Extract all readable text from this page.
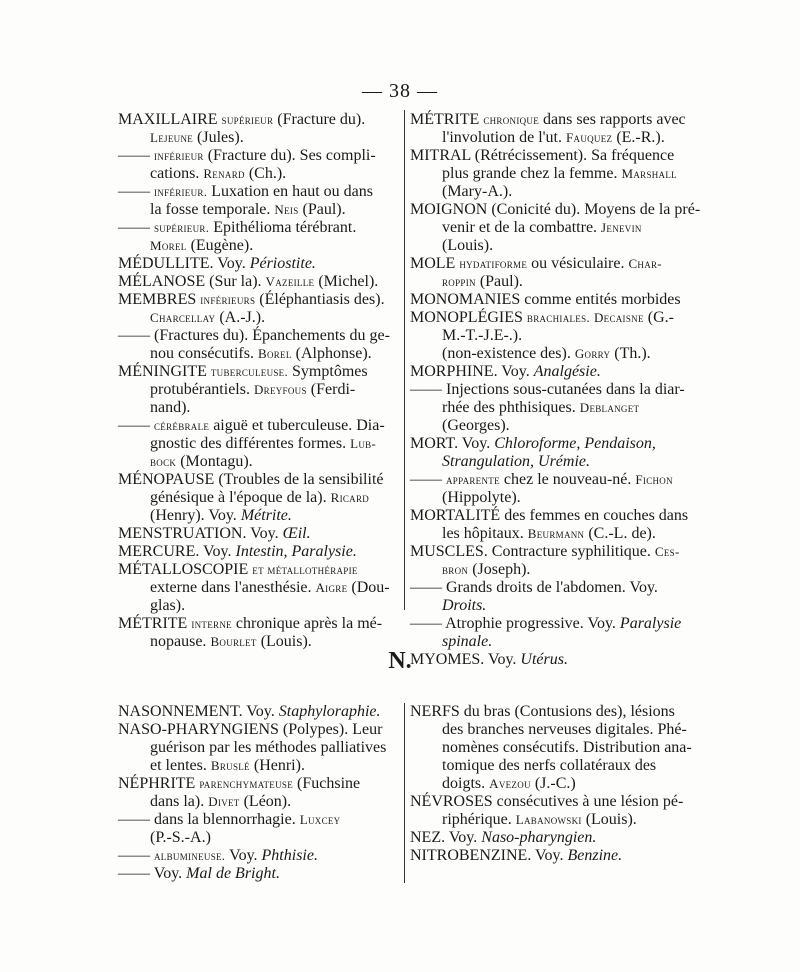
— 38 —
MAXILLAIRE supérieur (Fracture du).
Lejeune (Jules).
—— inférieur (Fracture du). Ses compli-
cations. Renard (Ch.).
—— inférieur. Luxation en haut ou dans
la fosse temporale. Neis (Paul).
—— supérieur. Epithélioma térébrant.
Morel (Eugène).
MÉDULLITE. Voy. Périostite.
MÉLANOSE (Sur la). Vazeille (Michel).
MEMBRES inférieurs (Éléphantiasis des).
Charcellay (A.-J.).
—— (Fractures du). Épanchements du ge-
nou consécutifs. Borel (Alphonse).
MÉNINGITE tuberculeuse. Symptômes
protubérantiels. Dreyfous (Ferdi-
nand).
—— cérébrale aiguë et tuberculeuse. Dia-
gnostic des différentes formes. Lub-
bock (Montagu).
MÉNOPAUSE (Troubles de la sensibilité
génésique à l'époque de la). Ricard
(Henry). Voy. Métrite.
MENSTRUATION. Voy. Œil.
MERCURE. Voy. Intestin, Paralysie.
MÉTALLOSCOPIE et métallothérapie
externe dans l'anesthésie. Aigre (Dou-
glas).
MÉTRITE interne chronique après la mé-
nopause. Bourlet (Louis).
MÉTRITE chronique dans ses rapports avec
l'involution de l'ut. Fauquez (E.-R.).
MITRAL (Rétrécissement). Sa fréquence
plus grande chez la femme. Marshall
(Mary-A.).
MOIGNON (Conicité du). Moyens de la pré-
venir et de la combattre. Jenevin
(Louis).
MOLE hydatiforme ou vésiculaire. Char-
roppin (Paul).
MONOMANIES comme entités morbides
MONOPLÉGIES brachiales. Decaisne (G.-
M.-T.-J.E-.).
(non-existence des). Gorry (Th.).
MORPHINE. Voy. Analgésie.
—— Injections sous-cutanées dans la diar-
rhée des phthisiques. Deblanget
(Georges).
MORT. Voy. Chloroforme, Pendaison,
Strangulation, Urémie.
—— apparente chez le nouveau-né. Fichon
(Hippolyte).
MORTALITÉ des femmes en couches dans
les hôpitaux. Beurmann (C.-L. de).
MUSCLES. Contracture syphilitique. Ces-
bron (Joseph).
—— Grands droits de l'abdomen. Voy.
Droits.
—— Atrophie progressive. Voy. Paralysie
spinale.
MYOMES. Voy. Utérus.
N.
NASONNEMENT. Voy. Staphyloraphie.
NASO-PHARYNGIENS (Polypes). Leur
guérison par les méthodes palliatives
et lentes. Bruslé (Henri).
NÉPHRITE parenchymateuse (Fuchsine
dans la). Divet (Léon).
—— dans la blennorrhagie. Luxcey
(P.-S.-A.)
—— albumineuse. Voy. Phthisie.
—— Voy. Mal de Bright.
NERFS du bras (Contusions des), lésions
des branches nerveuses digitales. Phé-
nomènes consécutifs. Distribution ana-
tomique des nerfs collatéraux des
doigts. Avezou (J.-C.)
NÉVROSES consécutives à une lésion pé-
riphérique. Labanowski (Louis).
NEZ. Voy. Naso-pharyngien.
NITROBENZINE. Voy. Benzine.
